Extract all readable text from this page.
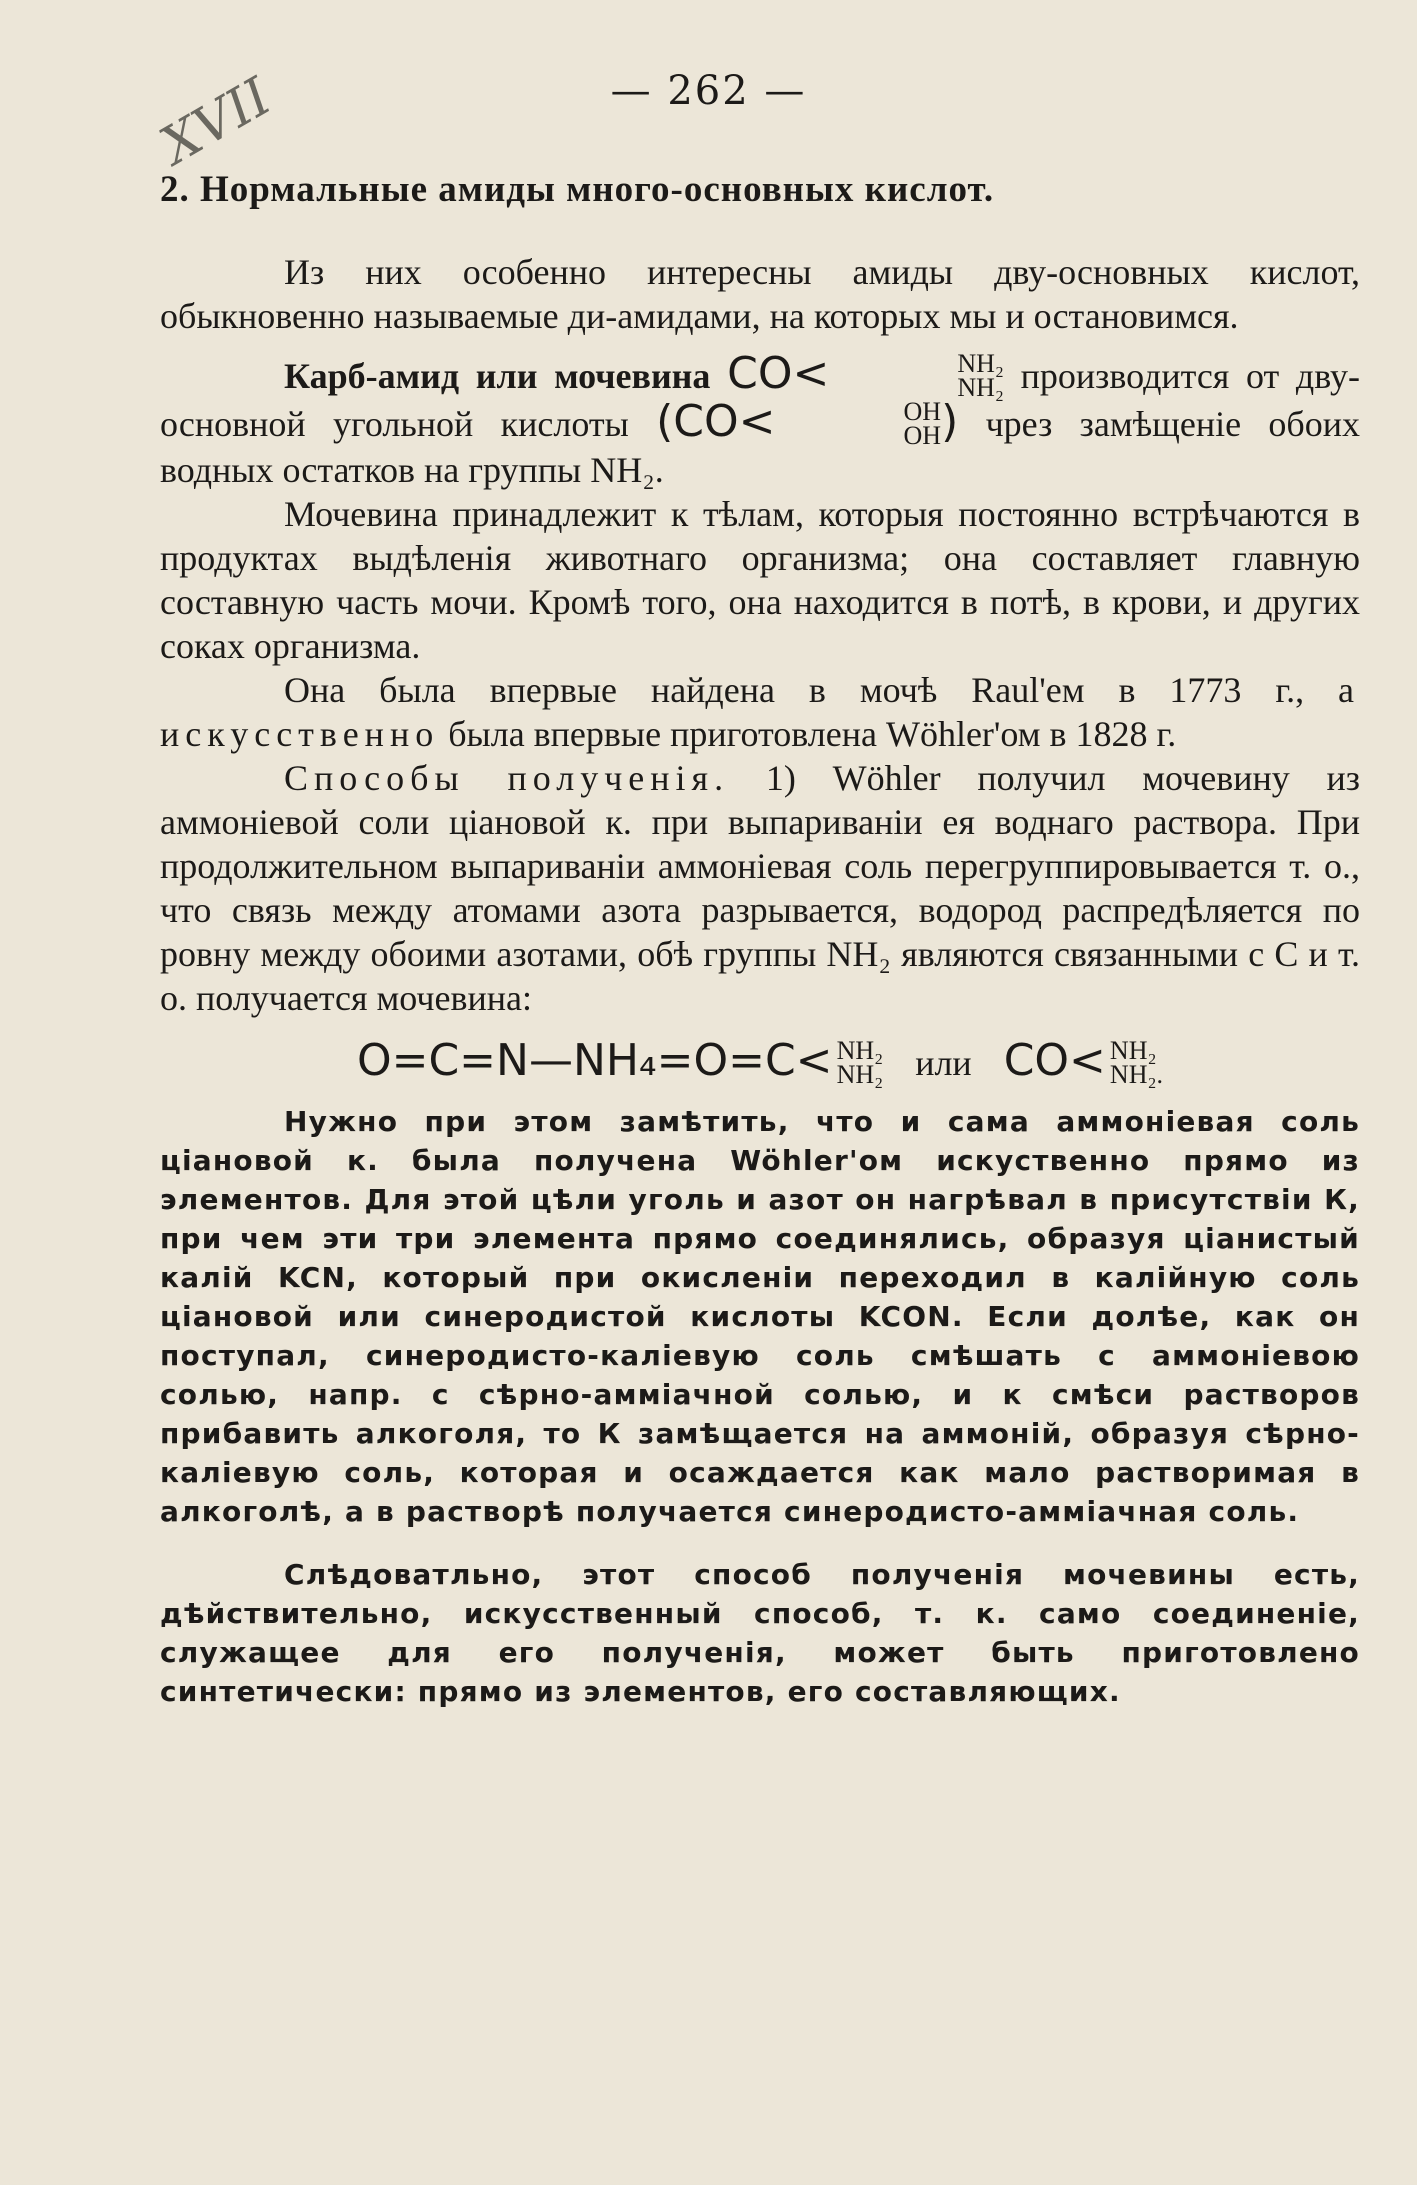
— 262 —
XVII
2. Нормальные амиды много-основных кислот.

Из них особенно интересны амиды дву-основных кислот, обыкновенно называемые ди-амидами, на которых мы и остановимся.

Карб-амид или мочевина CO<	NH₂
NH₂ производится от дву-основной угольной кислоты (CO<	OH
OH ) чрез замѣщеніе обоих водных остатков на группы NH₂.

Мочевина принадлежит к тѣлам, которыя постоянно встрѣчаются в продуктах выдѣленія животнаго организма; она составляет главную составную часть мочи. Кромѣ того, она находится в потѣ, в крови, и других соках организма.

Она была впервые найдена в мочѣ Raul'ем в 1773 г., а искусственно была впервые приготовлена Wöhler'ом в 1828 г.

Способы полученія. 1) Wöhler получил мочевину из аммоніевой соли ціановой к. при выпариваніи ея воднаго раствора. При продолжительном выпариваніи аммоніевая соль перегруппировывается т. о., что связь между атомами азота разрывается, водород распредѣляется по ровну между обоими азотами, обѣ группы NH₂ являются связанными с С и т. о. получается мочевина:

O=C=N—NH₄=O=C< NH₂
NH₂ или CO< NH₂
NH₂.

Нужно при этом замѣтить, что и сама аммоніевая соль ціановой к. была получена Wöhler'ом искуственно прямо из элементов. Для этой цѣли уголь и азот он нагрѣвал в присутствіи К, при чем эти три элемента прямо соединялись, образуя ціанистый калій KCN, который при окисленіи переходил в калійную соль ціановой или синеродистой кислоты KCON. Если долѣе, как он поступал, синеродисто-каліевую соль смѣшать с аммоніевою солью, напр. с сѣрно-амміачной солью, и к смѣси растворов прибавить алкоголя, то К замѣщается на аммоній, образуя сѣрно-каліевую соль, которая и осаждается как мало растворимая в алкоголѣ, а в растворѣ получается синеродисто-амміачная соль.

Слѣдоватльно, этот способ полученія мочевины есть, дѣйствительно, искусственный способ, т. к. само соединеніе, служащее для его полученія, может быть приготовлено синтетически: прямо из элементов, его составляющих.
